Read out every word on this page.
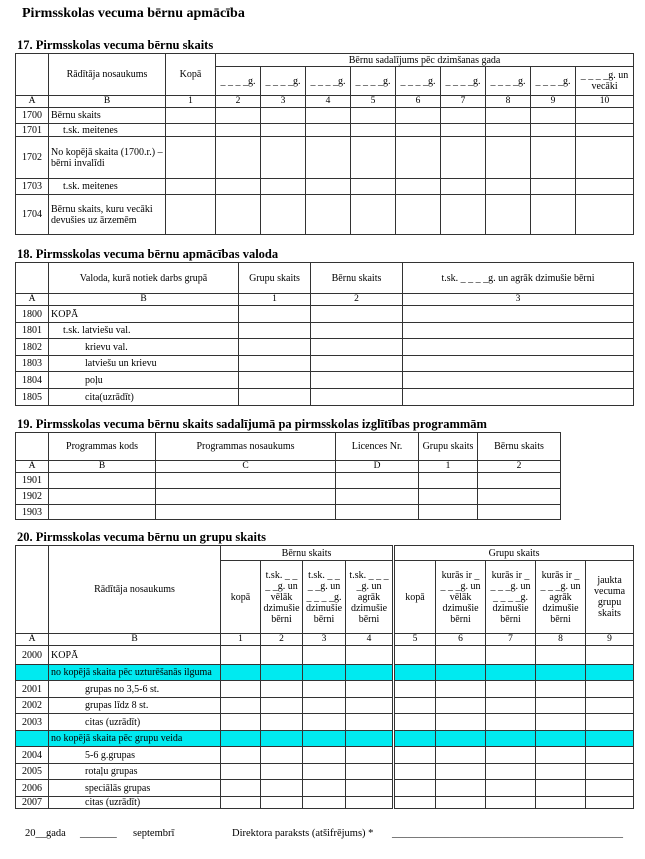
Pirmsskolas vecuma bērnu apmācība
17. Pirmsskolas vecuma bērnu skaits
	Rādītāja nosaukums	Kopā	Bērnu sadalījums pēc dzimšanas gada								
			_ _ _ _g.	_ _ _ _g.	_ _ _ _g.	_ _ _ _g.	_ _ _ _g.	_ _ _ _g.	_ _ _ _g.	_ _ _ _g.	_ _ _ _g. un vecāki
A	B	1	2	3	4	5	6	7	8	9	10
1700	Bērnu skaits										
1701	t.sk. meitenes										
1702	No kopējā skaita (1700.r.) –bērni invalīdi										
1703	t.sk. meitenes										
1704	Bērnu skaits, kuru vecāki devušies uz ārzemēm										
18. Pirmsskolas vecuma bērnu apmācības valoda
	Valoda, kurā notiek darbs grupā	Grupu skaits	Bērnu skaits	t.sk. _ _ _ _g. un agrāk dzimušie bērni
A	B	1	2	3
1800	KOPĀ			
1801	t.sk. latviešu val.			
1802	krievu val.			
1803	latviešu un krievu			
1804	poļu			
1805	cita(uzrādīt)			
19. Pirmsskolas vecuma bērnu skaits sadalījumā pa pirmsskolas izglītības programmām
	Programmas kods	Programmas nosaukums	Licences Nr.	Grupu skaits	Bērnu skaits
A	B	C	D	1	2
1901					
1902					
1903					
20. Pirmsskolas vecuma bērnu un grupu skaits
	Rādītāja nosaukums	Bērnu skaits				Grupu skaits				
		kopā	t.sk. _ _ _ _g. un vēlāk dzimušie bērni	t.sk. _ _ _ _g. un _ _ _ _g. dzimušie bērni	t.sk. _ _ _ _g. un agrāk dzimušie bērni	kopā	kurās ir _ _ _ _g. un vēlāk dzimušie bērni	kurās ir _ _ _ _g. un _ _ _ _g. dzimušie bērni	kurās ir _ _ _ _g. un agrāk dzimušie bērni	jaukta vecuma grupu skaits
A	B	1	2	3	4	5	6	7	8	9
2000	KOPĀ									
	no kopējā skaita pēc uzturēšanās ilguma									
2001	grupas no 3,5-6 st.									
2002	grupas līdz 8 st.									
2003	citas (uzrādīt)									
	no kopējā skaita pēc grupu veida									
2004	5-6 g.grupas									
2005	rotaļu grupas									
2006	speciālās grupas									
2007	citas (uzrādīt)									
20__gada _______ septembrī	Direktora paraksts (atšifrējums) * ____________________________________________
